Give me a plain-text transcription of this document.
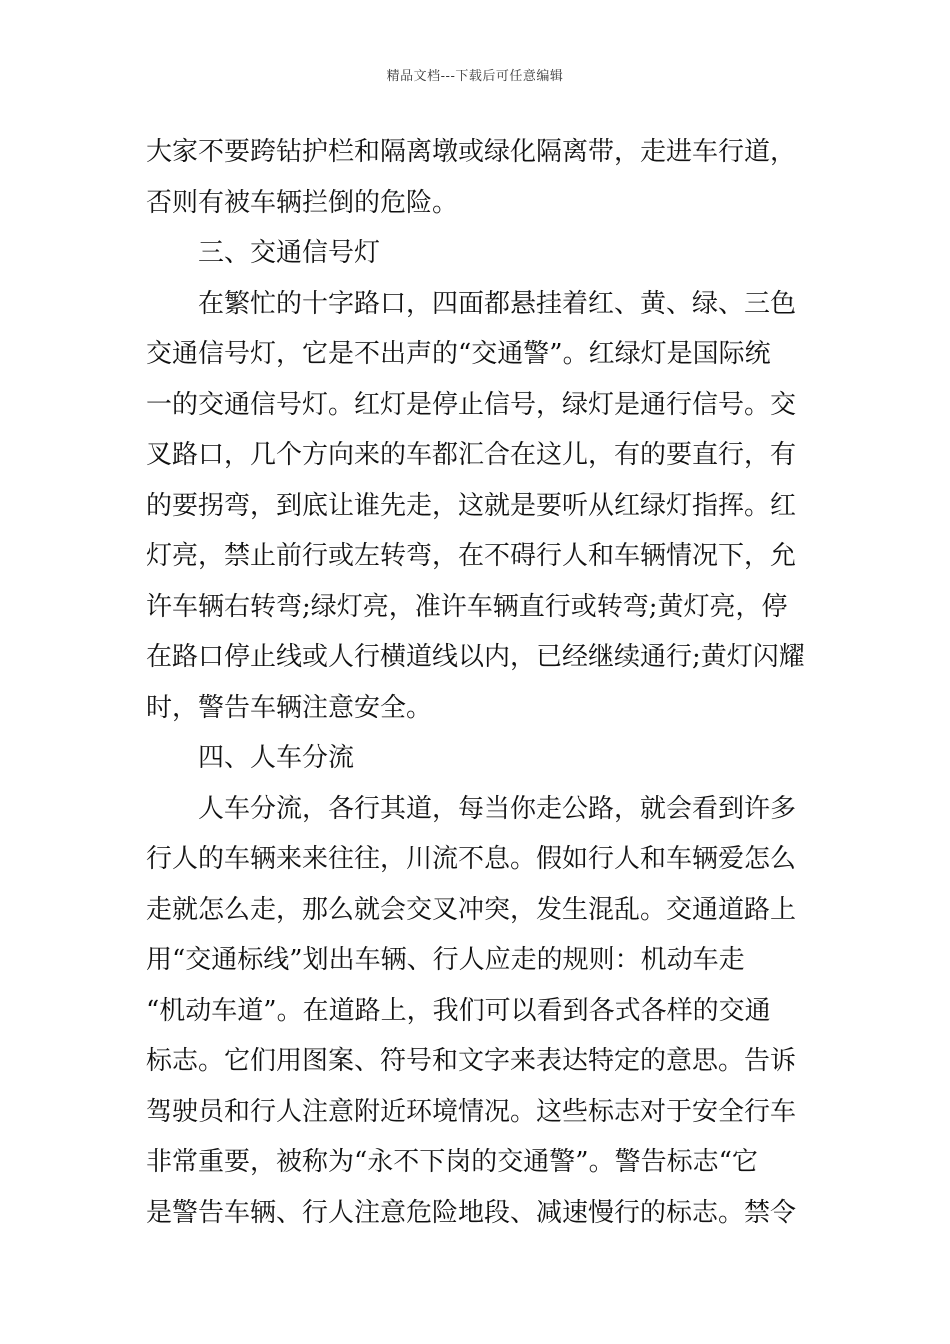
精品文档---下载后可任意编辑
大家不要跨钻护栏和隔离墩或绿化隔离带，走进车行道，
否则有被车辆拦倒的危险。
三、交通信号灯
在繁忙的十字路口，四面都悬挂着红、黄、绿、三色
交通信号灯，它是不出声的“交通警”。红绿灯是国际统
一的交通信号灯。红灯是停止信号，绿灯是通行信号。交
叉路口，几个方向来的车都汇合在这儿，有的要直行，有
的要拐弯，到底让谁先走，这就是要听从红绿灯指挥。红
灯亮，禁止前行或左转弯，在不碍行人和车辆情况下，允
许车辆右转弯;绿灯亮，准许车辆直行或转弯;黄灯亮，停
在路口停止线或人行横道线以内，已经继续通行;黄灯闪耀
时，警告车辆注意安全。
四、人车分流
人车分流，各行其道，每当你走公路，就会看到许多
行人的车辆来来往往，川流不息。假如行人和车辆爱怎么
走就怎么走，那么就会交叉冲突，发生混乱。交通道路上
用“交通标线”划出车辆、行人应走的规则：机动车走
“机动车道”。在道路上，我们可以看到各式各样的交通
标志。它们用图案、符号和文字来表达特定的意思。告诉
驾驶员和行人注意附近环境情况。这些标志对于安全行车
非常重要，被称为“永不下岗的交通警”。警告标志“它
是警告车辆、行人注意危险地段、减速慢行的标志。禁令
